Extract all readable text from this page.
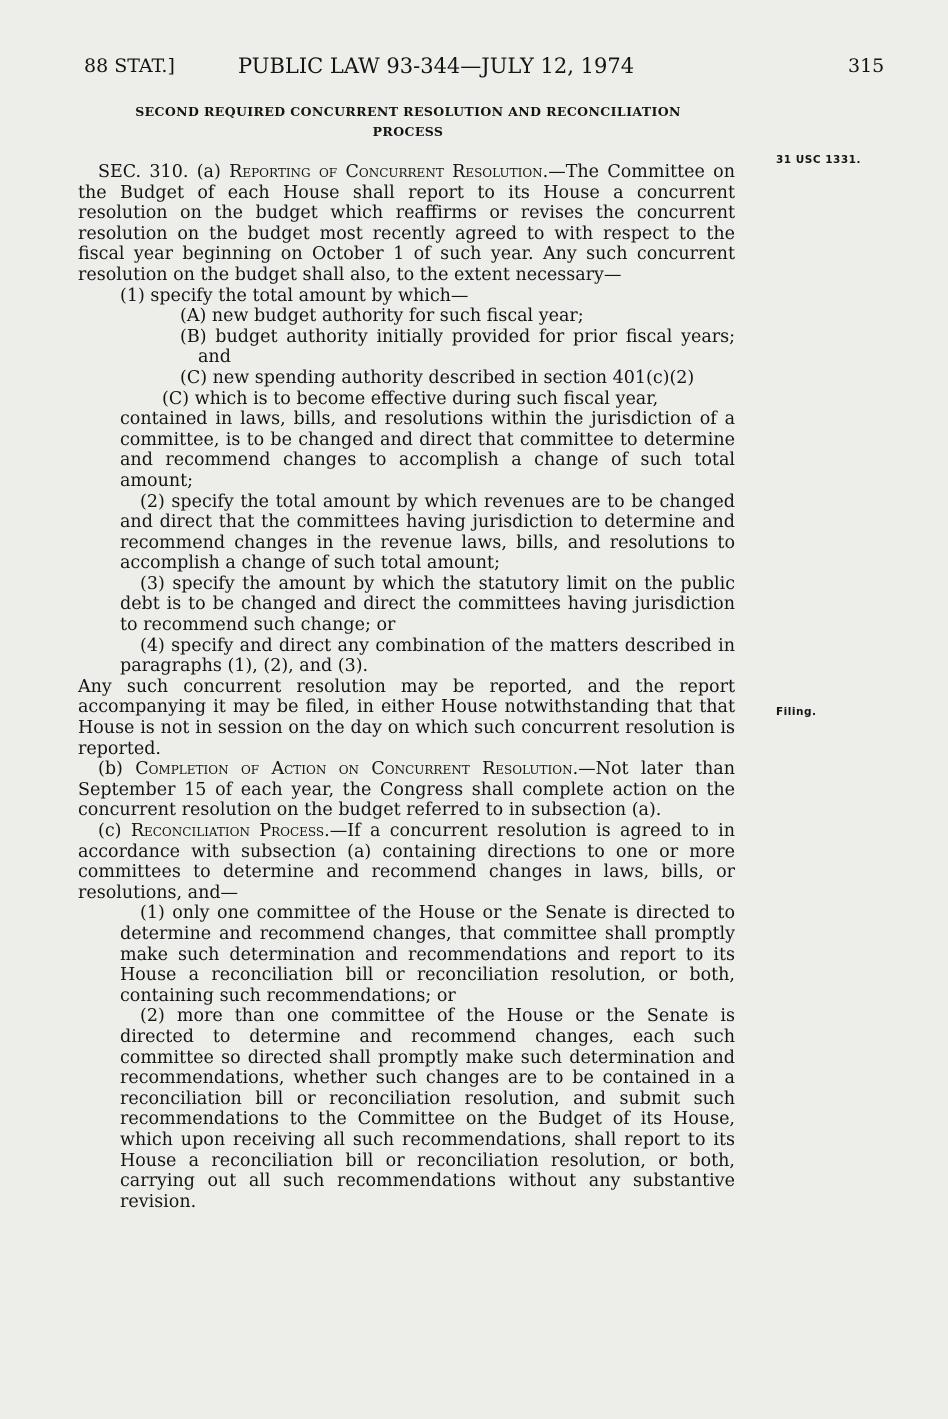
88 STAT.]	PUBLIC LAW 93-344—JULY 12, 1974	315
SECOND REQUIRED CONCURRENT RESOLUTION AND RECONCILIATION
PROCESS
31 USC 1331.
Filing.

SEC. 310. (a) Reporting of Concurrent Resolution.—The Committee on the Budget of each House shall report to its House a concurrent resolution on the budget which reaffirms or revises the concurrent resolution on the budget most recently agreed to with respect to the fiscal year beginning on October 1 of such year. Any such concurrent resolution on the budget shall also, to the extent necessary—

(1) specify the total amount by which—

(A) new budget authority for such fiscal year;

(B) budget authority initially provided for prior fiscal years; and

(C) new spending authority described in section 401(c)(2)

(C) which is to become effective during such fiscal year,

contained in laws, bills, and resolutions within the jurisdiction of a committee, is to be changed and direct that committee to determine and recommend changes to accomplish a change of such total amount;

(2) specify the total amount by which revenues are to be changed and direct that the committees having jurisdiction to determine and recommend changes in the revenue laws, bills, and resolutions to accomplish a change of such total amount;

(3) specify the amount by which the statutory limit on the public debt is to be changed and direct the committees having jurisdiction to recommend such change; or

(4) specify and direct any combination of the matters described in paragraphs (1), (2), and (3).

Any such concurrent resolution may be reported, and the report accompanying it may be filed, in either House notwithstanding that that House is not in session on the day on which such concurrent resolution is reported.

(b) Completion of Action on Concurrent Resolution.—Not later than September 15 of each year, the Congress shall complete action on the concurrent resolution on the budget referred to in subsection (a).

(c) Reconciliation Process.—If a concurrent resolution is agreed to in accordance with subsection (a) containing directions to one or more committees to determine and recommend changes in laws, bills, or resolutions, and—

(1) only one committee of the House or the Senate is directed to determine and recommend changes, that committee shall promptly make such determination and recommendations and report to its House a reconciliation bill or reconciliation resolution, or both, containing such recommendations; or

(2) more than one committee of the House or the Senate is directed to determine and recommend changes, each such committee so directed shall promptly make such determination and recommendations, whether such changes are to be contained in a reconciliation bill or reconciliation resolution, and submit such recommendations to the Committee on the Budget of its House, which upon receiving all such recommendations, shall report to its House a reconciliation bill or reconciliation resolution, or both, carrying out all such recommendations without any substantive revision.
